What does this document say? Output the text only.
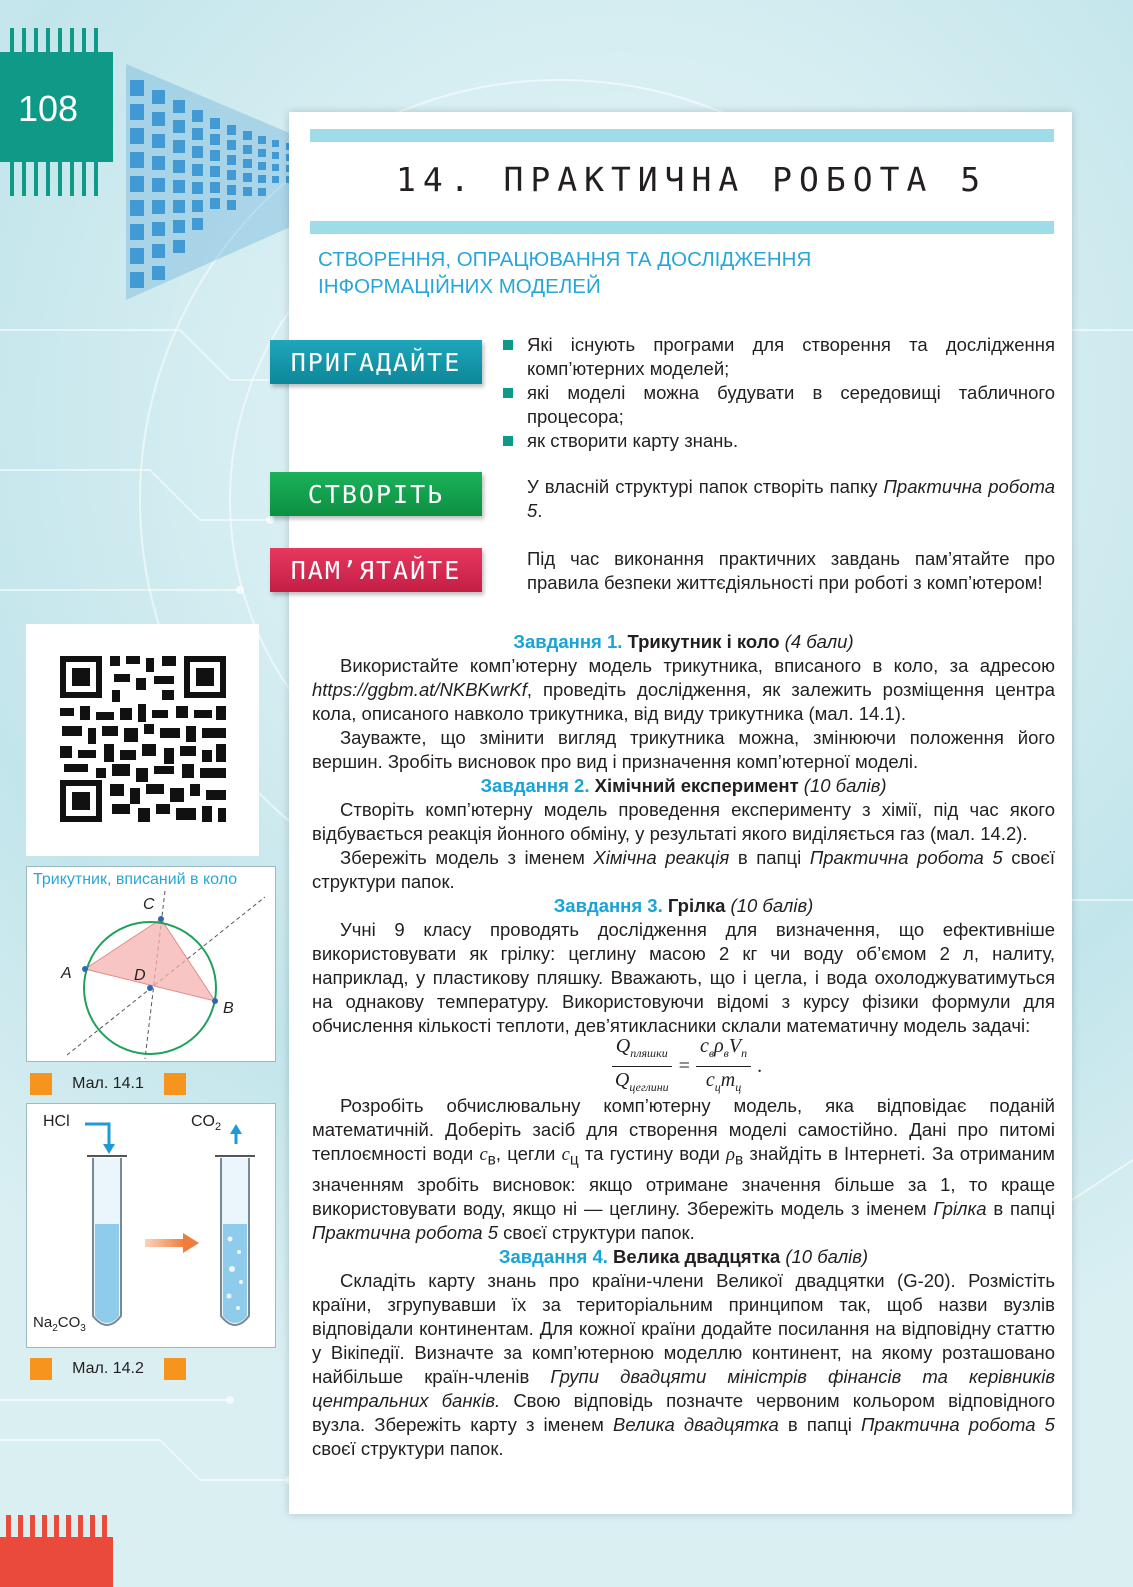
108
14. ПРАКТИЧНА РОБОТА 5
СТВОРЕННЯ, ОПРАЦЮВАННЯ ТА ДОСЛІДЖЕННЯ
ІНФОРМАЦІЙНИХ МОДЕЛЕЙ
ПРИГАДАЙТЕ
Які існують програми для створення та дослідження комп’ютерних моделей;
які моделі можна будувати в середовищі табличного процесора;
як створити карту знань.
СТВОРІТЬ	У власній структурі папок створіть папку Практична робота 5.
ПАМ’ЯТАЙТЕ	Під час виконання практичних завдань пам’ятайте про правила безпеки життєдіяльності при роботі з комп’ютером!
Завдання 1. Трикутник і коло (4 бали)

Використайте комп’ютерну модель трикутника, вписаного в коло, за адресою https://ggbm.at/NKBKwrKf, проведіть дослідження, як залежить розміщення центра кола, описаного навколо трикутника, від виду трикутника (мал. 14.1).

Зауважте, що змінити вигляд трикутника можна, змінюючи положення його вершин. Зробіть висновок про вид і призначення комп’ютерної моделі.

Завдання 2. Хімічний експеримент (10 балів)

Створіть комп’ютерну модель проведення експерименту з хімії, під час якого відбувається реакція йонного обміну, у результаті якого виділяється газ (мал. 14.2).

Збережіть модель з іменем Хімічна реакція в папці Практична робота 5 своєї структури папок.

Завдання 3. Грілка (10 балів)

Учні 9 класу проводять дослідження для визначення, що ефективніше використовувати як грілку: цеглину масою 2 кг чи воду об’ємом 2 л, налиту, наприклад, у пластикову пляшку. Вважають, що і цегла, і вода охолоджуватимуться на однакову температуру. Використовуючи відомі з курсу фізики формули для обчислення кількості теплоти, дев’ятикласники склали математичну модель задачі:

$\frac{Q_{пляшки}}{Q_{цеглини}} = \frac{c_в\rho_вV_п}{c_цm_ц}$ .

Розробіть обчислювальну комп’ютерну модель, яка відповідає поданій математичній. Доберіть засіб для створення моделі самостійно. Дані про питомі теплоємності води $c_в$, цегли $c_ц$ та густину води $\rho_в$ знайдіть в Інтернеті. За отриманим значенням зробіть висновок: якщо отримане значення більше за 1, то краще використовувати воду, якщо ні — цеглину. Збережіть модель з іменем Грілка в папці Практична робота 5 своєї структури папок.

Завдання 4. Велика двадцятка (10 балів)

Складіть карту знань про країни-члени Великої двадцятки (G-20). Розмістіть країни, згрупувавши їх за територіальним принципом так, щоб назви вузлів відповідали континентам. Для кожної країни додайте посилання на відповідну статтю у Вікіпедії. Визначте за комп’ютерною моделлю континент, на якому розташовано найбільше країн-членів Групи двадцяти міністрів фінансів та керівників центральних банків. Свою відповідь позначте червоним кольором відповідного вузла. Збережіть карту з іменем Велика двадцятка в папці Практична робота 5 своєї структури папок.

Трикутник, вписаний в коло
C
A	D
B
Мал. 14.1
HCl	$CO_2$
$Na_2CO_3$
Мал. 14.2
